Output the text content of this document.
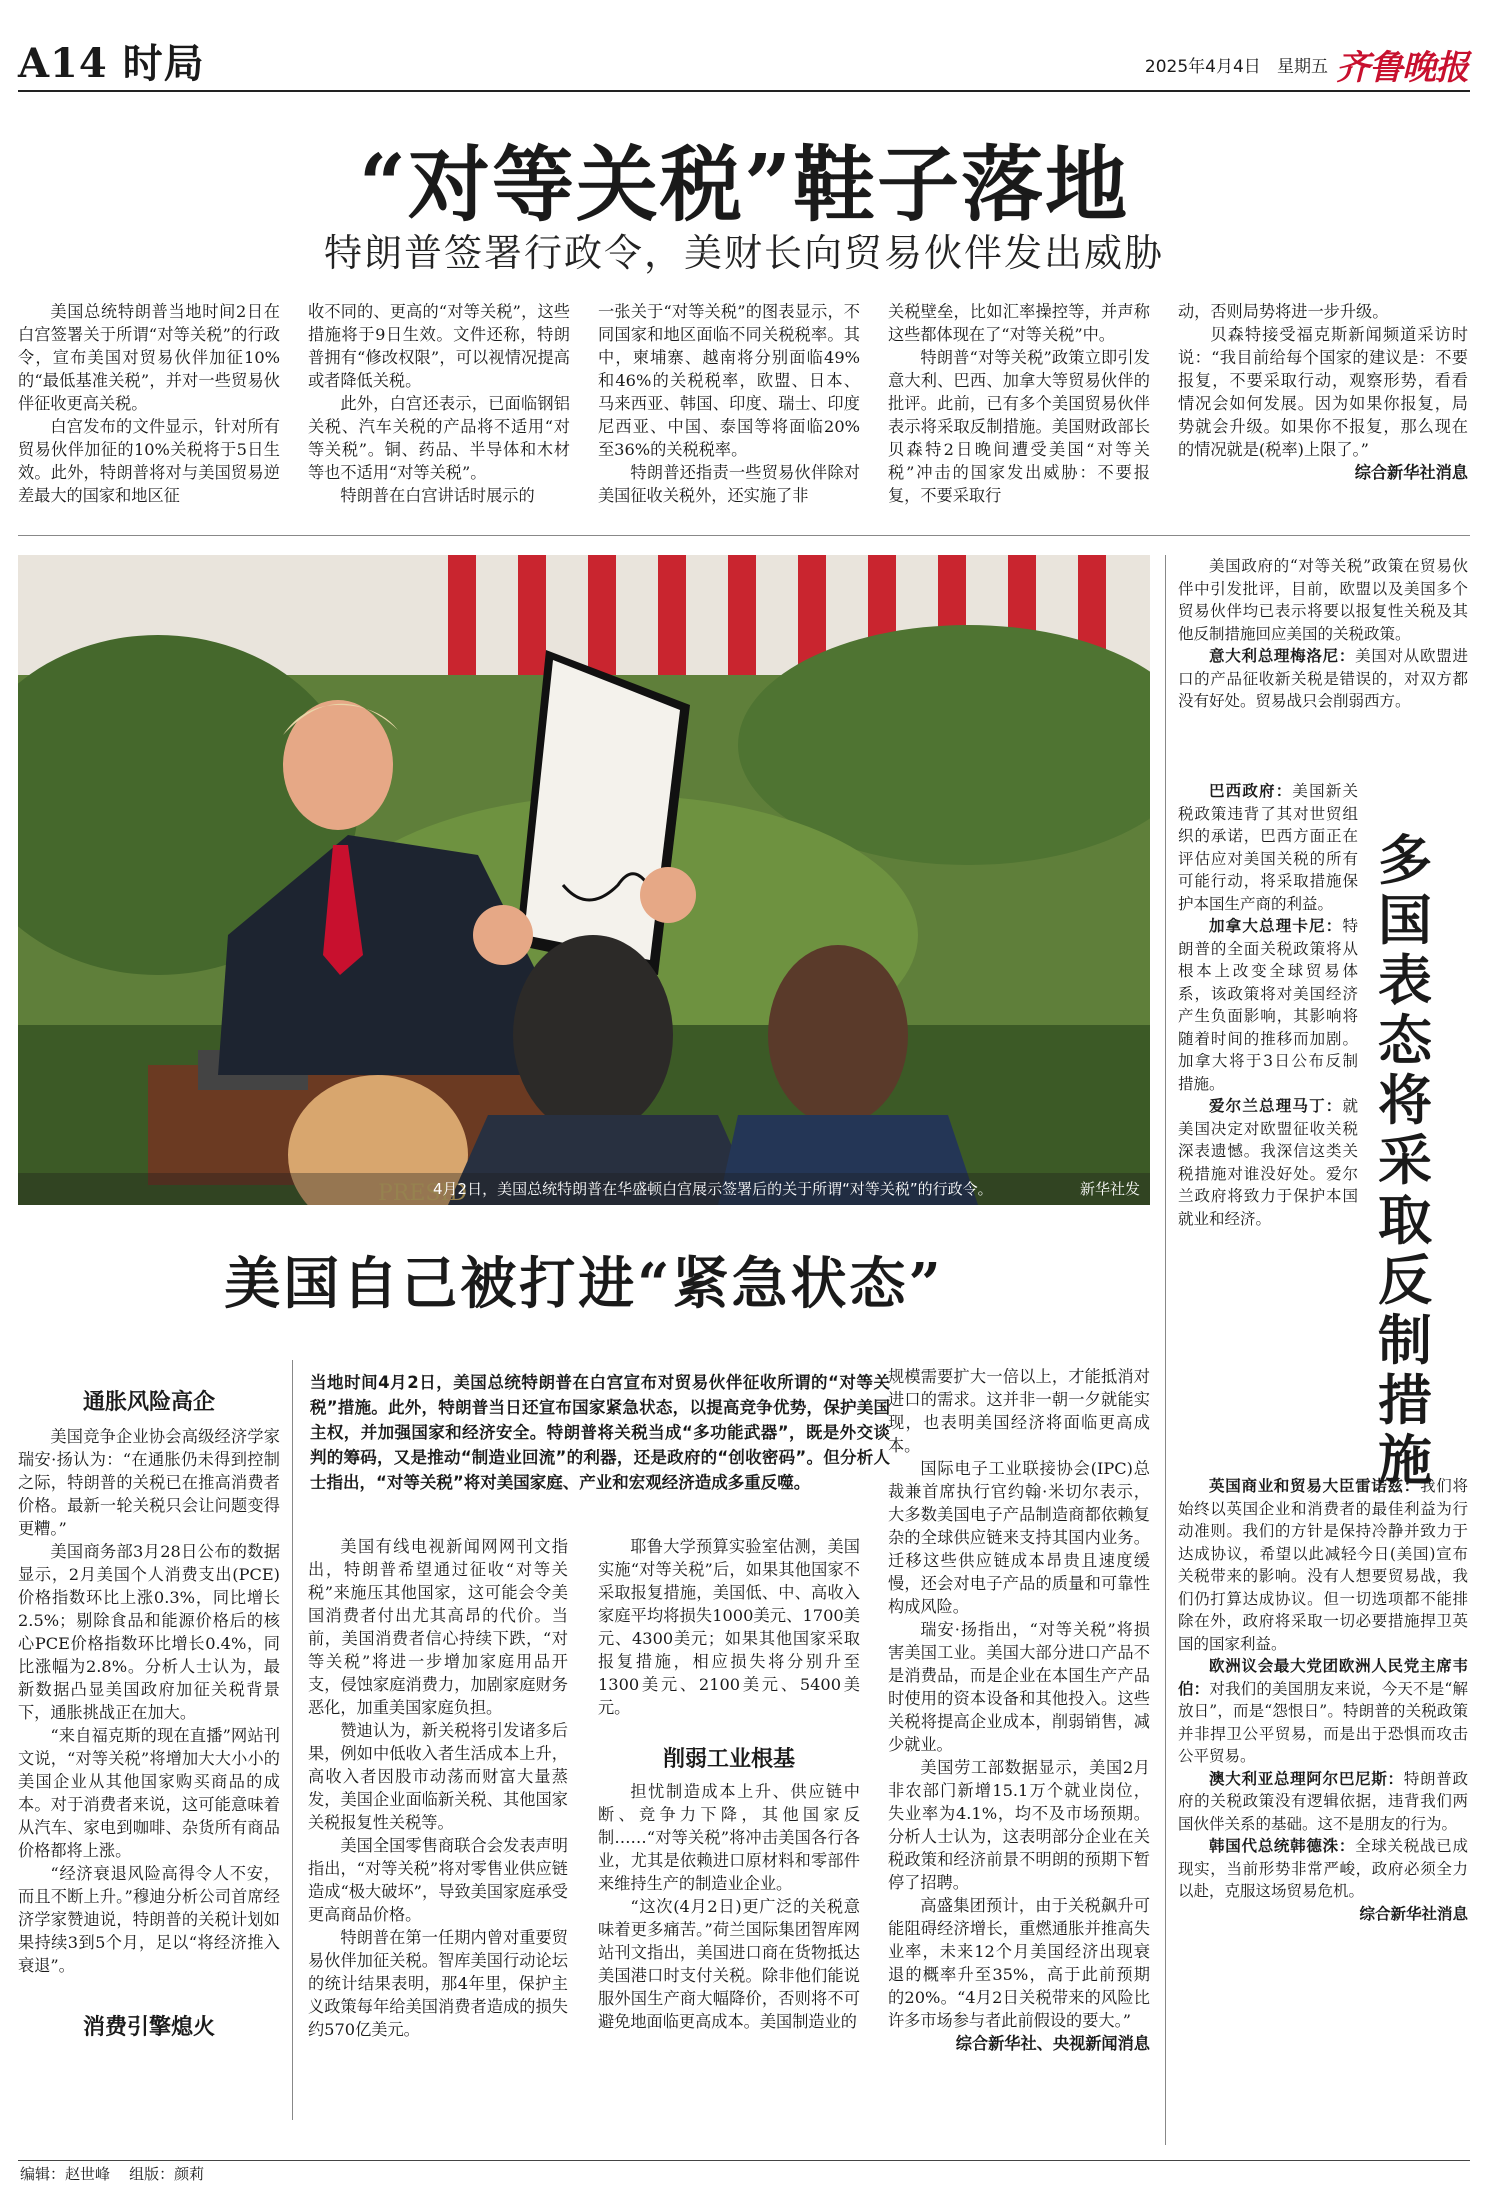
A14 时局	2025年4月4日 星期五 齐鲁晚报
“对等关税”鞋子落地
特朗普签署行政令，美财长向贸易伙伴发出威胁

美国总统特朗普当地时间2日在白宫签署关于所谓“对等关税”的行政令，宣布美国对贸易伙伴加征10%的“最低基准关税”，并对一些贸易伙伴征收更高关税。

白宫发布的文件显示，针对所有贸易伙伴加征的10%关税将于5日生效。此外，特朗普将对与美国贸易逆差最大的国家和地区征

收不同的、更高的“对等关税”，这些措施将于9日生效。文件还称，特朗普拥有“修改权限”，可以视情况提高或者降低关税。

此外，白宫还表示，已面临钢铝关税、汽车关税的产品将不适用“对等关税”。铜、药品、半导体和木材等也不适用“对等关税”。

特朗普在白宫讲话时展示的

一张关于“对等关税”的图表显示，不同国家和地区面临不同关税税率。其中，柬埔寨、越南将分别面临49%和46%的关税税率，欧盟、日本、马来西亚、韩国、印度、瑞士、印度尼西亚、中国、泰国等将面临20%至36%的关税税率。

特朗普还指责一些贸易伙伴除对美国征收关税外，还实施了非

关税壁垒，比如汇率操控等，并声称这些都体现在了“对等关税”中。

特朗普“对等关税”政策立即引发意大利、巴西、加拿大等贸易伙伴的批评。此前，已有多个美国贸易伙伴表示将采取反制措施。美国财政部长贝森特2日晚间遭受美国“对等关税”冲击的国家发出威胁：不要报复，不要采取行

动，否则局势将进一步升级。

贝森特接受福克斯新闻频道采访时说：“我目前给每个国家的建议是：不要报复，不要采取行动，观察形势，看看情况会如何发展。因为如果你报复，局势就会升级。如果你不报复，那么现在的情况就是(税率)上限了。”

综合新华社消息

PRESID
4月2日，美国总统特朗普在华盛顿白宫展示签署后的关于所谓“对等关税”的行政令。	新华社发
美国自己被打进“紧急状态”
通胀风险高企

美国竞争企业协会高级经济学家瑞安·扬认为：“在通胀仍未得到控制之际，特朗普的关税已在推高消费者价格。最新一轮关税只会让问题变得更糟。”

美国商务部3月28日公布的数据显示，2月美国个人消费支出(PCE)价格指数环比上涨0.3%，同比增长2.5%；剔除食品和能源价格后的核心PCE价格指数环比增长0.4%，同比涨幅为2.8%。分析人士认为，最新数据凸显美国政府加征关税背景下，通胀挑战正在加大。

“来自福克斯的现在直播”网站刊文说，“对等关税”将增加大大小小的美国企业从其他国家购买商品的成本。对于消费者来说，这可能意味着从汽车、家电到咖啡、杂货所有商品价格都将上涨。

“经济衰退风险高得令人不安，而且不断上升。”穆迪分析公司首席经济学家赞迪说，特朗普的关税计划如果持续3到5个月，足以“将经济推入衰退”。

消费引擎熄火
当地时间4月2日，美国总统特朗普在白宫宣布对贸易伙伴征收所谓的“对等关税”措施。此外，特朗普当日还宣布国家紧急状态，以提高竞争优势，保护美国主权，并加强国家和经济安全。特朗普将关税当成“多功能武器”，既是外交谈判的筹码，又是推动“制造业回流”的利器，还是政府的“创收密码”。但分析人士指出，“对等关税”将对美国家庭、产业和宏观经济造成多重反噬。

美国有线电视新闻网网刊文指出，特朗普希望通过征收“对等关税”来施压其他国家，这可能会令美国消费者付出尤其高昂的代价。当前，美国消费者信心持续下跌，“对等关税”将进一步增加家庭用品开支，侵蚀家庭消费力，加剧家庭财务恶化，加重美国家庭负担。

赞迪认为，新关税将引发诸多后果，例如中低收入者生活成本上升，高收入者因股市动荡而财富大量蒸发，美国企业面临新关税、其他国家关税报复性关税等。

美国全国零售商联合会发表声明指出，“对等关税”将对零售业供应链造成“极大破坏”，导致美国家庭承受更高商品价格。

特朗普在第一任期内曾对重要贸易伙伴加征关税。智库美国行动论坛的统计结果表明，那4年里，保护主义政策每年给美国消费者造成的损失约570亿美元。

耶鲁大学预算实验室估测，美国实施“对等关税”后，如果其他国家不采取报复措施，美国低、中、高收入家庭平均将损失1000美元、1700美元、4300美元；如果其他国家采取报复措施，相应损失将分别升至1300美元、2100美元、5400美元。

削弱工业根基

担忧制造成本上升、供应链中断、竞争力下降，其他国家反制……“对等关税”将冲击美国各行各业，尤其是依赖进口原材料和零部件来维持生产的制造业企业。

“这次(4月2日)更广泛的关税意味着更多痛苦。”荷兰国际集团智库网站刊文指出，美国进口商在货物抵达美国港口时支付关税。除非他们能说服外国生产商大幅降价，否则将不可避免地面临更高成本。美国制造业的

规模需要扩大一倍以上，才能抵消对进口的需求。这并非一朝一夕就能实现，也表明美国经济将面临更高成本。

国际电子工业联接协会(IPC)总裁兼首席执行官约翰·米切尔表示，大多数美国电子产品制造商都依赖复杂的全球供应链来支持其国内业务。迁移这些供应链成本昂贵且速度缓慢，还会对电子产品的质量和可靠性构成风险。

瑞安·扬指出，“对等关税”将损害美国工业。美国大部分进口产品不是消费品，而是企业在本国生产产品时使用的资本设备和其他投入。这些关税将提高企业成本，削弱销售，减少就业。

美国劳工部数据显示，美国2月非农部门新增15.1万个就业岗位，失业率为4.1%，均不及市场预期。分析人士认为，这表明部分企业在关税政策和经济前景不明朗的预期下暂停了招聘。

高盛集团预计，由于关税飙升可能阻碍经济增长，重燃通胀并推高失业率，未来12个月美国经济出现衰退的概率升至35%，高于此前预期的20%。“4月2日关税带来的风险比许多市场参与者此前假设的要大。”

综合新华社、央视新闻消息

多国表态将采取反制措施

美国政府的“对等关税”政策在贸易伙伴中引发批评，目前，欧盟以及美国多个贸易伙伴均已表示将要以报复性关税及其他反制措施回应美国的关税政策。

意大利总理梅洛尼：美国对从欧盟进口的产品征收新关税是错误的，对双方都没有好处。贸易战只会削弱西方。

巴西政府：美国新关税政策违背了其对世贸组织的承诺，巴西方面正在评估应对美国关税的所有可能行动，将采取措施保护本国生产商的利益。

加拿大总理卡尼：特朗普的全面关税政策将从根本上改变全球贸易体系，该政策将对美国经济产生负面影响，其影响将随着时间的推移而加剧。加拿大将于3日公布反制措施。

爱尔兰总理马丁：就美国决定对欧盟征收关税深表遗憾。我深信这类关税措施对谁没好处。爱尔兰政府将致力于保护本国就业和经济。

英国商业和贸易大臣雷诺兹：我们将始终以英国企业和消费者的最佳利益为行动准则。我们的方针是保持冷静并致力于达成协议，希望以此减轻今日(美国)宣布关税带来的影响。没有人想要贸易战，我们仍打算达成协议。但一切选项都不能排除在外，政府将采取一切必要措施捍卫英国的国家利益。

欧洲议会最大党团欧洲人民党主席韦伯：对我们的美国朋友来说，今天不是“解放日”，而是“怨恨日”。特朗普的关税政策并非捍卫公平贸易，而是出于恐惧而攻击公平贸易。

澳大利亚总理阿尔巴尼斯：特朗普政府的关税政策没有逻辑依据，违背我们两国伙伴关系的基础。这不是朋友的行为。

韩国代总统韩德洙：全球关税战已成现实，当前形势非常严峻，政府必须全力以赴，克服这场贸易危机。

综合新华社消息

编辑：赵世峰 组版：颜莉
